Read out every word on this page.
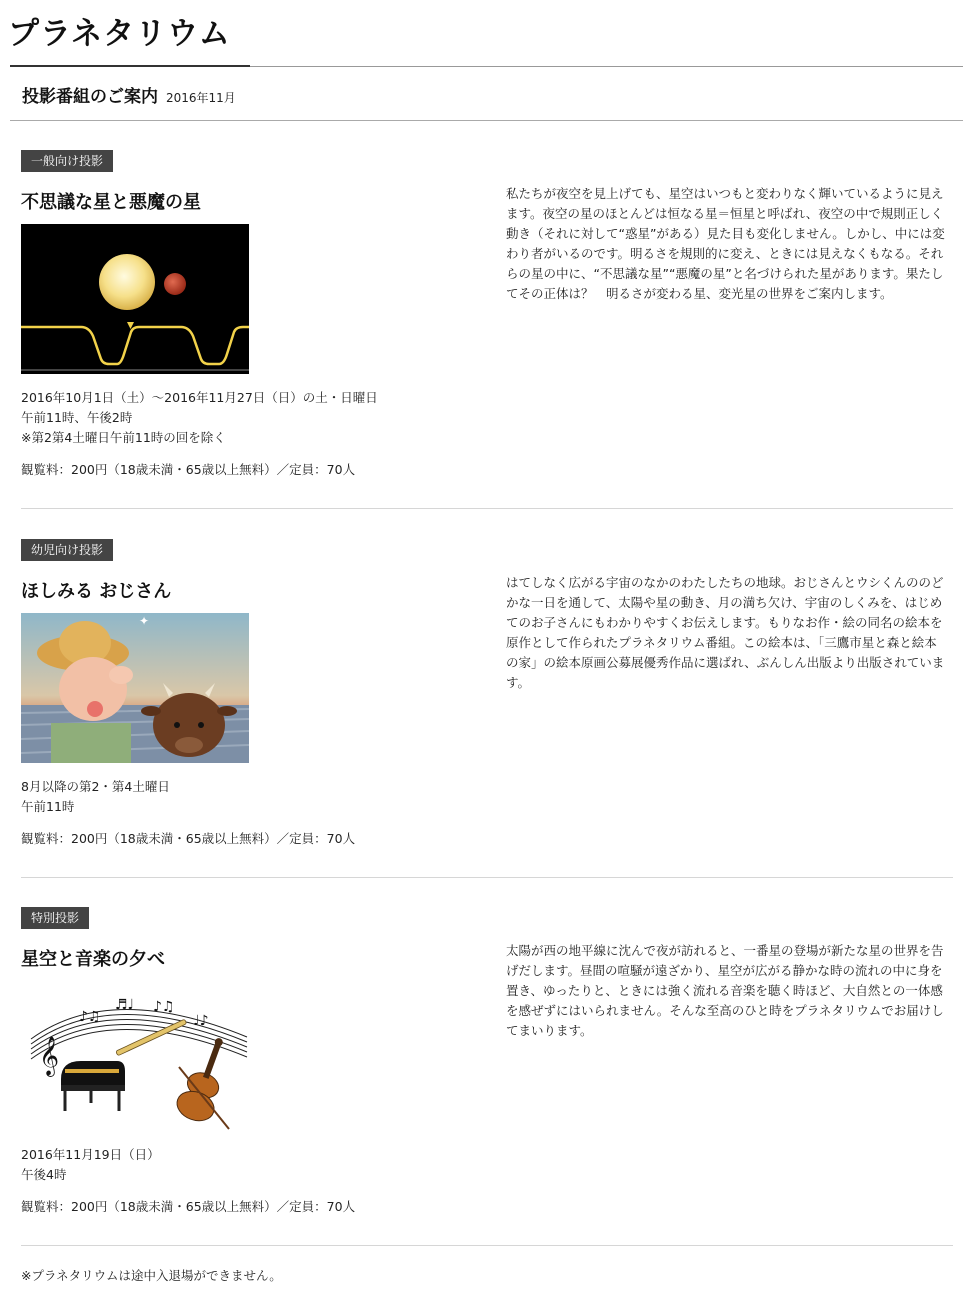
プラネタリウム
投影番組のご案内 2016年11月
一般向け投影
不思議な星と悪魔の星
2016年10月1日（土）〜2016年11月27日（日）の土・日曜日
午前11時、午後2時
※第2第4土曜日午前11時の回を除く
観覧料：200円（18歳未満・65歳以上無料）／定員：70人

私たちが夜空を見上げても、星空はいつもと変わりなく輝いているように見えます。夜空の星のほとんどは恒なる星＝恒星と呼ばれ、夜空の中で規則正しく動き（それに対して“惑星”がある）見た目も変化しません。しかし、中には変わり者がいるのです。明るさを規則的に変え、ときには見えなくもなる。それらの星の中に、“不思議な星”“悪魔の星”と名づけられた星があります。果たしてその正体は？　明るさが変わる星、変光星の世界をご案内します。

幼児向け投影
ほしみる おじさん
✦
8月以降の第2・第4土曜日
午前11時
観覧料：200円（18歳未満・65歳以上無料）／定員：70人

はてしなく広がる宇宙のなかのわたしたちの地球。おじさんとウシくんののどかな一日を通して、太陽や星の動き、月の満ち欠け、宇宙のしくみを、はじめてのお子さんにもわかりやすくお伝えします。もりなお作・絵の同名の絵本を原作として作られたプラネタリウム番組。この絵本は、「三鷹市星と森と絵本の家」の絵本原画公募展優秀作品に選ばれ、ぶんしん出版より出版されています。

特別投影
星空と音楽の夕べ
𝄞
♪♫
♬♩ ♪♫
♩♪
2016年11月19日（日）
午後4時
観覧料：200円（18歳未満・65歳以上無料）／定員：70人

太陽が西の地平線に沈んで夜が訪れると、一番星の登場が新たな星の世界を告げだします。昼間の喧騒が遠ざかり、星空が広がる静かな時の流れの中に身を置き、ゆったりと、ときには強く流れる音楽を聴く時ほど、大自然との一体感を感ぜずにはいられません。そんな至高のひと時をプラネタリウムでお届けしてまいります。

※プラネタリウムは途中入退場ができません。
